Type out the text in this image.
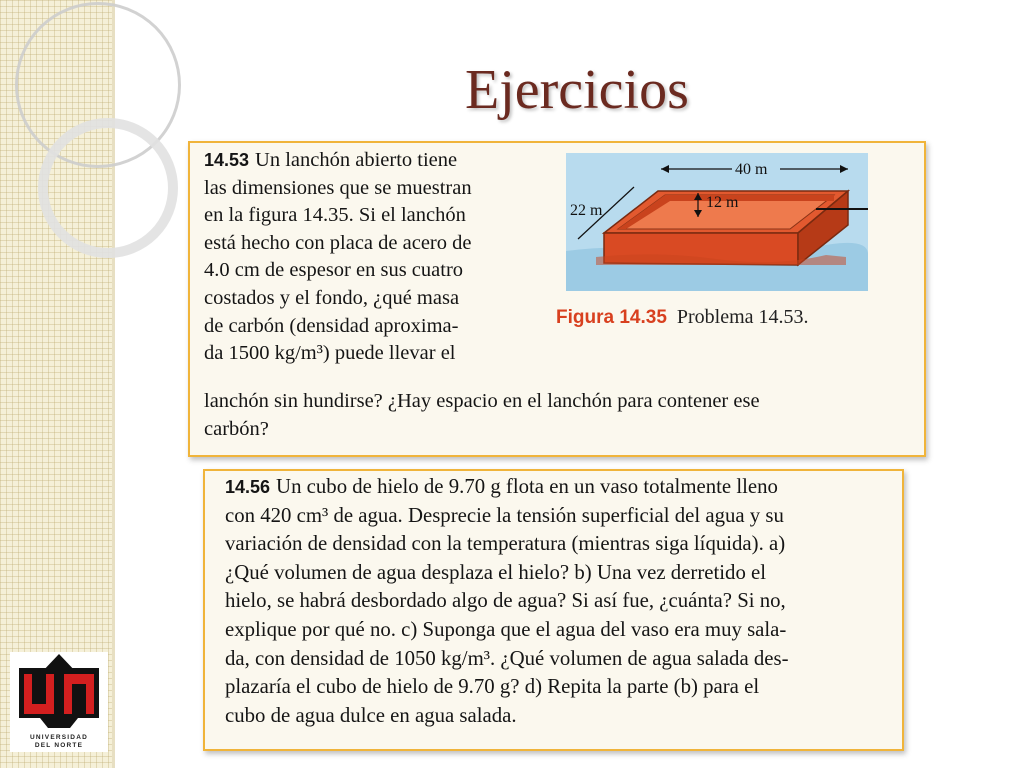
Ejercicios
14.53 Un lanchón abierto tiene
las dimensiones que se muestran
en la figura 14.35. Si el lanchón
está hecho con placa de acero de
4.0 cm de espesor en sus cuatro
costados y el fondo, ¿qué masa
de carbón (densidad aproxima-
da 1500 kg/m³) puede llevar el
lanchón sin hundirse? ¿Hay espacio en el lanchón para contener ese
carbón?
40 m
12 m
22 m
Figura 14.35 Problema 14.53.
14.56 Un cubo de hielo de 9.70 g flota en un vaso totalmente lleno
con 420 cm³ de agua. Desprecie la tensión superficial del agua y su
variación de densidad con la temperatura (mientras siga líquida). a)
¿Qué volumen de agua desplaza el hielo? b) Una vez derretido el
hielo, se habrá desbordado algo de agua? Si así fue, ¿cuánta? Si no,
explique por qué no. c) Suponga que el agua del vaso era muy sala-
da, con densidad de 1050 kg/m³. ¿Qué volumen de agua salada des-
plazaría el cubo de hielo de 9.70 g? d) Repita la parte (b) para el
cubo de agua dulce en agua salada.
UNIVERSIDAD
DEL NORTE
